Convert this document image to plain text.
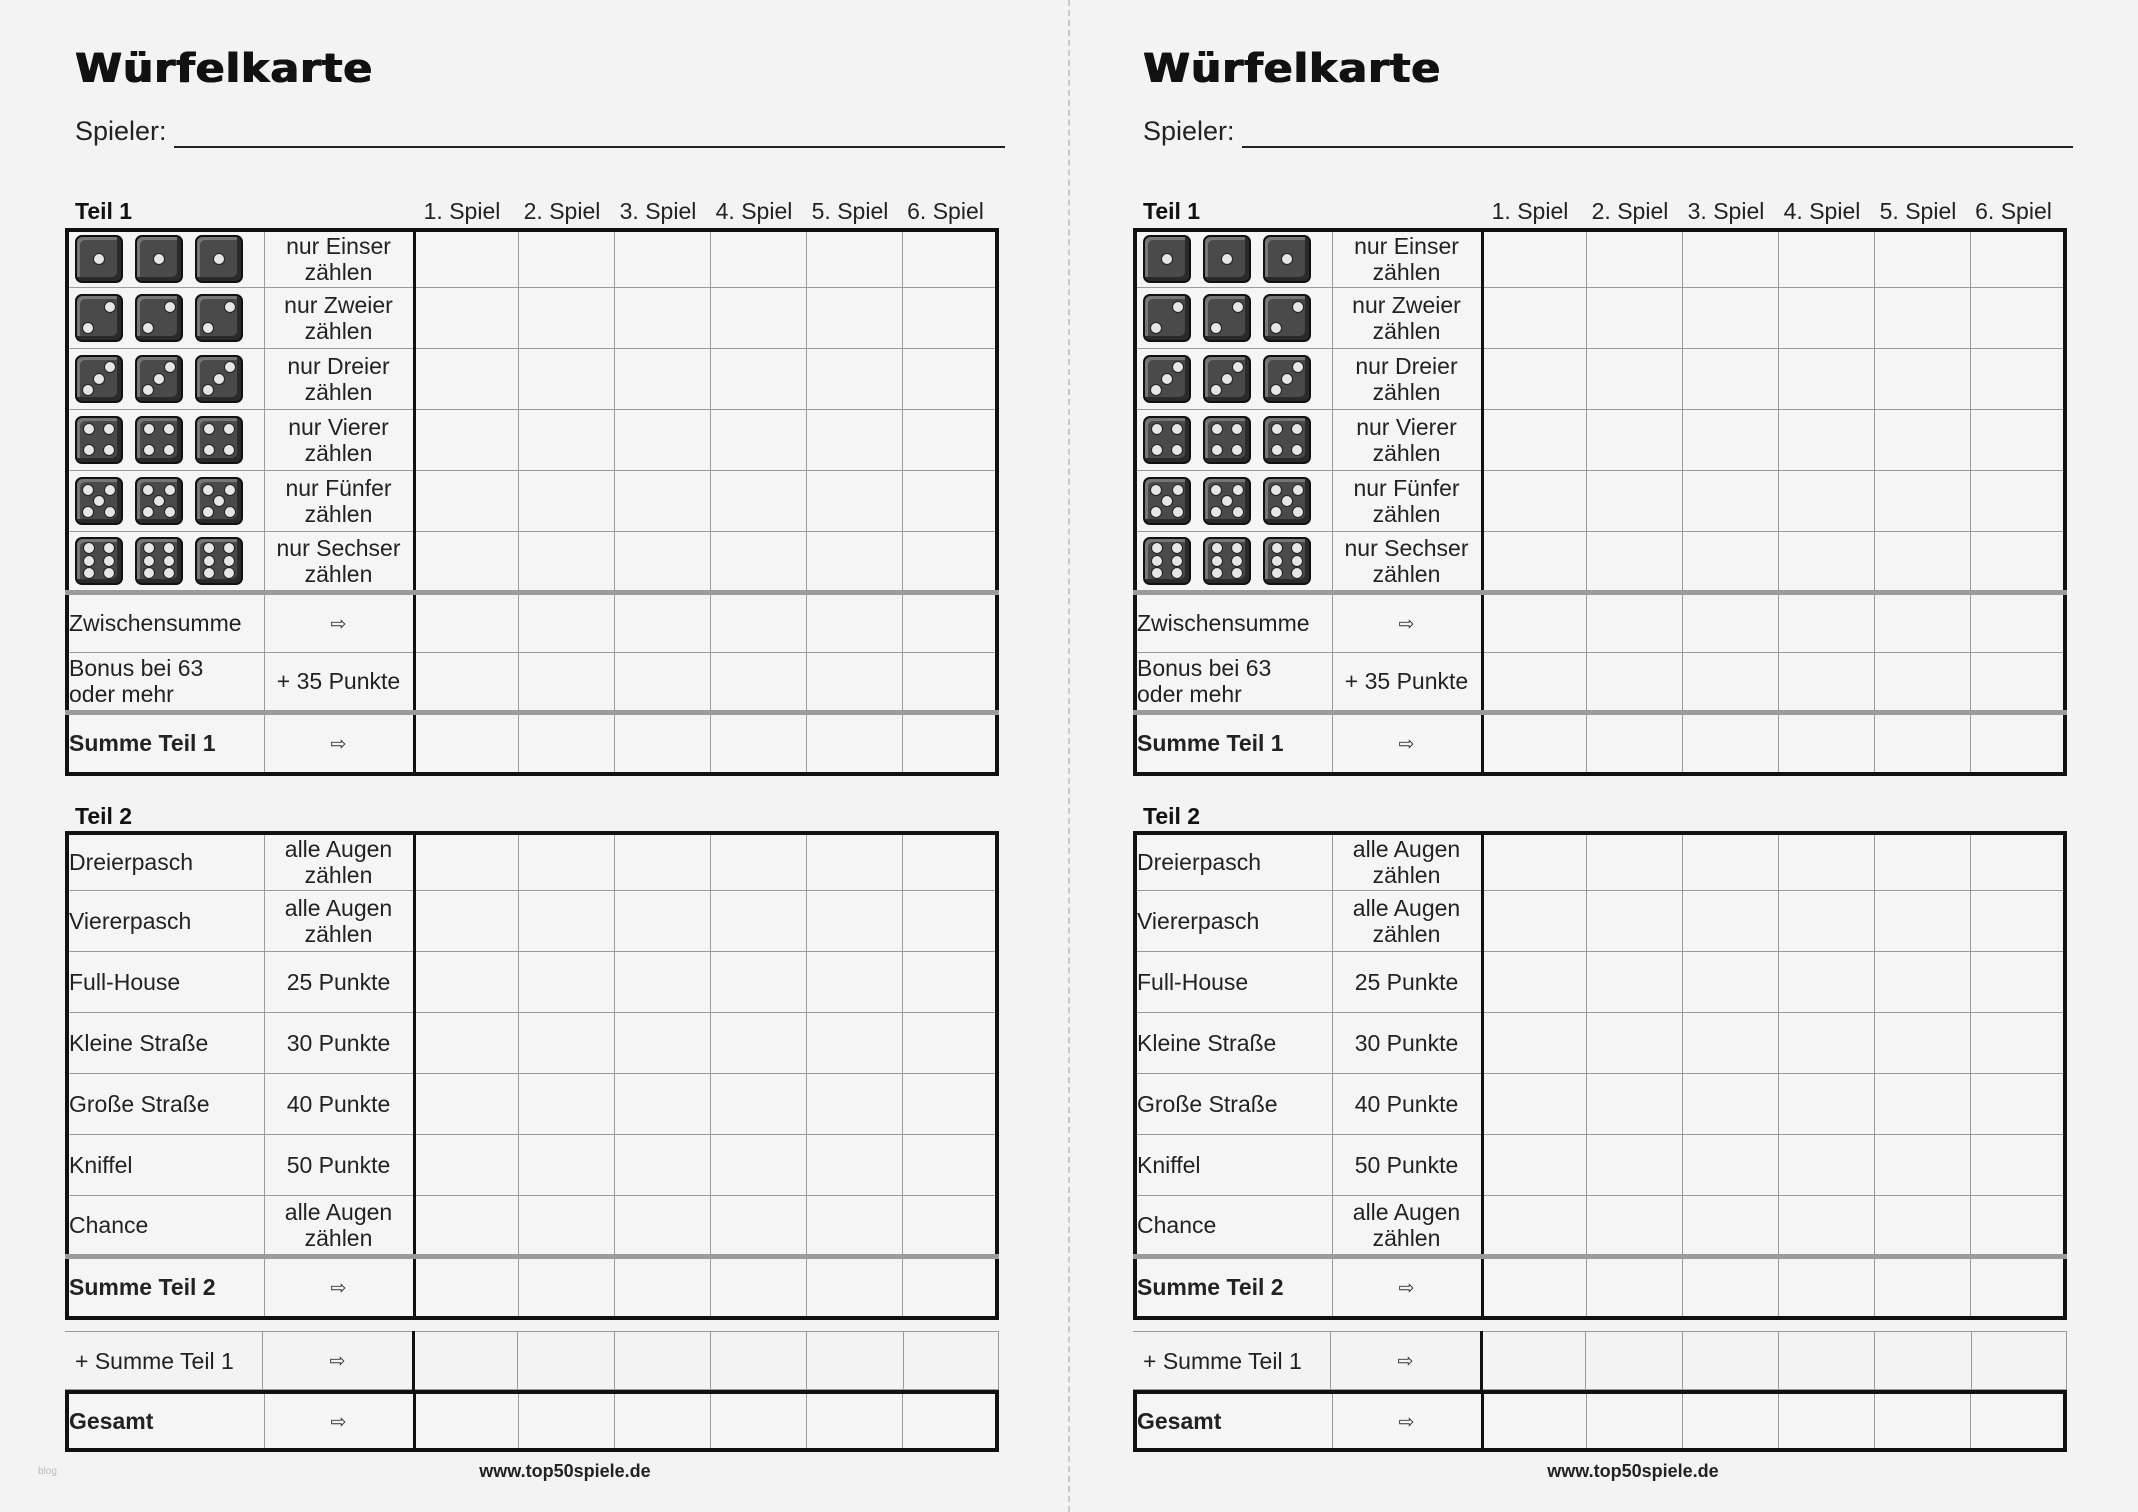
blog
Würfelkarte
Spieler:
Teil 1	1. Spiel	2. Spiel 3. Spiel 4. Spiel 5. Spiel 6. Spiel

	nur Einser
zählen						

	nur Zweier
zählen						

	nur Dreier
zählen						

	nur Vierer
zählen						

	nur Fünfer
zählen						

	nur Sechser
zählen						

Zwischensumme	⇨						

Bonus bei 63
oder mehr	+ 35 Punkte						
Summe Teil 1	⇨						
Teil 2
Dreierpasch	alle Augen
zählen						

Viererpasch	alle Augen
zählen						

Full-House	25 Punkte						

Kleine Straße	30 Punkte						

Große Straße	40 Punkte						

Kniffel	50 Punkte						

Chance	alle Augen
zählen						

Summe Teil 2	⇨						
+ Summe Teil 1	⇨						
Gesamt	⇨						
www.top50spiele.de
Würfelkarte
Spieler:
Teil 1	1. Spiel	2. Spiel 3. Spiel 4. Spiel 5. Spiel 6. Spiel

	nur Einser
zählen						

	nur Zweier
zählen						

	nur Dreier
zählen						

	nur Vierer
zählen						

	nur Fünfer
zählen						

	nur Sechser
zählen						

Zwischensumme	⇨						

Bonus bei 63
oder mehr	+ 35 Punkte						
Summe Teil 1	⇨						
Teil 2
Dreierpasch	alle Augen
zählen						

Viererpasch	alle Augen
zählen						

Full-House	25 Punkte						

Kleine Straße	30 Punkte						

Große Straße	40 Punkte						

Kniffel	50 Punkte						

Chance	alle Augen
zählen						

Summe Teil 2	⇨						
+ Summe Teil 1	⇨						
Gesamt	⇨						
www.top50spiele.de
